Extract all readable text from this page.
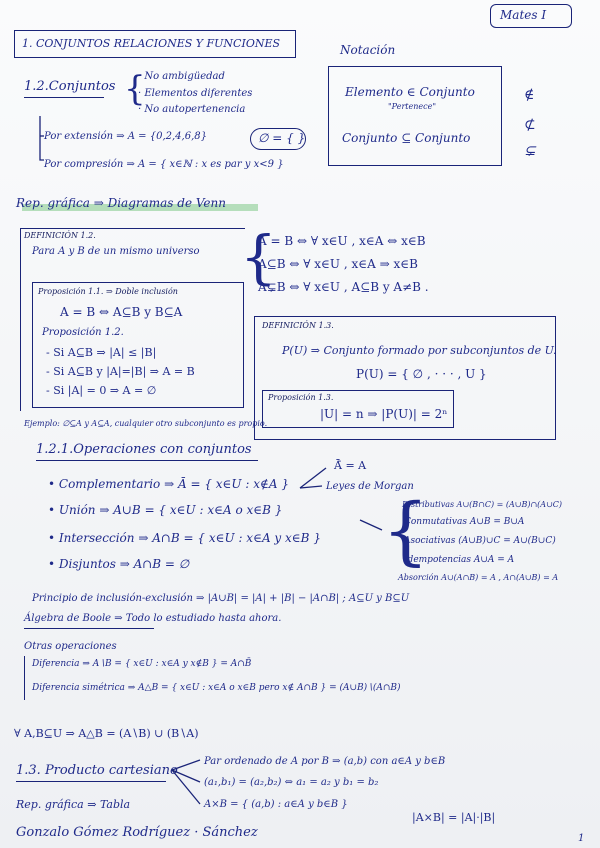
Mates I
1. CONJUNTOS RELACIONES Y FUNCIONES	Notación
Elemento ∈ Conjunto
"Pertenece"
Conjunto ⊆ Conjunto
∉
⊄
⊊
1.2.Conjuntos {
· No ambigüedad
· Elementos diferentes
· No autopertenencia
Por extensión ⇒ A = {0,2,4,6,8}	∅ = { }
Por compresión ⇒ A = { x∈ℕ : x es par y x<9 }
Rep. gráfica ⇒ Diagramas de Venn
DEFINICIÓN 1.2.
Para A y B de un mismo universo {
A = B ⇔ ∀ x∈U , x∈A ⇔ x∈B
A⊆B ⇔ ∀ x∈U , x∈A ⇒ x∈B
A⊊B ⇔ ∀ x∈U , A⊆B y A≠B .
Proposición 1.1. ⇒ Doble inclusión
A = B ⇔ A⊆B y B⊆A
Proposición 1.2.
- Si A⊆B ⇒ |A| ≤ |B|
- Si A⊆B y |A|=|B| ⇒ A = B
- Si |A| = 0 ⇒ A = ∅
DEFINICIÓN 1.3.
P(U) ⇒ Conjunto formado por subconjuntos de U.
P(U) = { ∅ , · · · , U }
Proposición 1.3.
|U| = n ⇒ |P(U)| = 2ⁿ
Ejemplo: ∅⊆A y A⊆A, cualquier otro subconjunto es propio.
1.2.1.Operaciones con conjuntos
• Complementario ⇒ Ā = { x∈U : x∉A }
• Unión ⇒ A∪B = { x∈U : x∈A o x∈B }
• Intersección ⇒ A∩B = { x∈U : x∈A y x∈B }
• Disjuntos ⇒ A∩B = ∅
Ā̄ = A
Leyes de Morgan
{
Distributivas A∪(B∩C) = (A∪B)∩(A∪C)
Conmutativas A∪B = B∪A
Asociativas (A∪B)∪C = A∪(B∪C)
Idempotencias A∪A = A
Absorción A∪(A∩B) = A , A∩(A∪B) = A
Principio de inclusión-exclusión ⇒ |A∪B| = |A| + |B| − |A∩B| ; A⊆U y B⊆U
Álgebra de Boole ⇒ Todo lo estudiado hasta ahora.
Otras operaciones
Diferencia ⇒ A∖B = { x∈U : x∈A y x∉B } = A∩B̄
Diferencia simétrica ⇒ A△B = { x∈U : x∈A o x∈B pero x∉ A∩B } = (A∪B)∖(A∩B)
∀ A,B⊆U ⇒ A△B = (A∖B) ∪ (B∖A)
1.3. Producto cartesiano
Par ordenado de A por B ⇒ (a,b) con a∈A y b∈B
(a₁,b₁) = (a₂,b₂) ⇔ a₁ = a₂ y b₁ = b₂
A×B = { (a,b) : a∈A y b∈B }
|A×B| = |A|·|B|
Rep. gráfica ⇒ Tabla
Gonzalo Gómez Rodríguez · Sánchez	1
